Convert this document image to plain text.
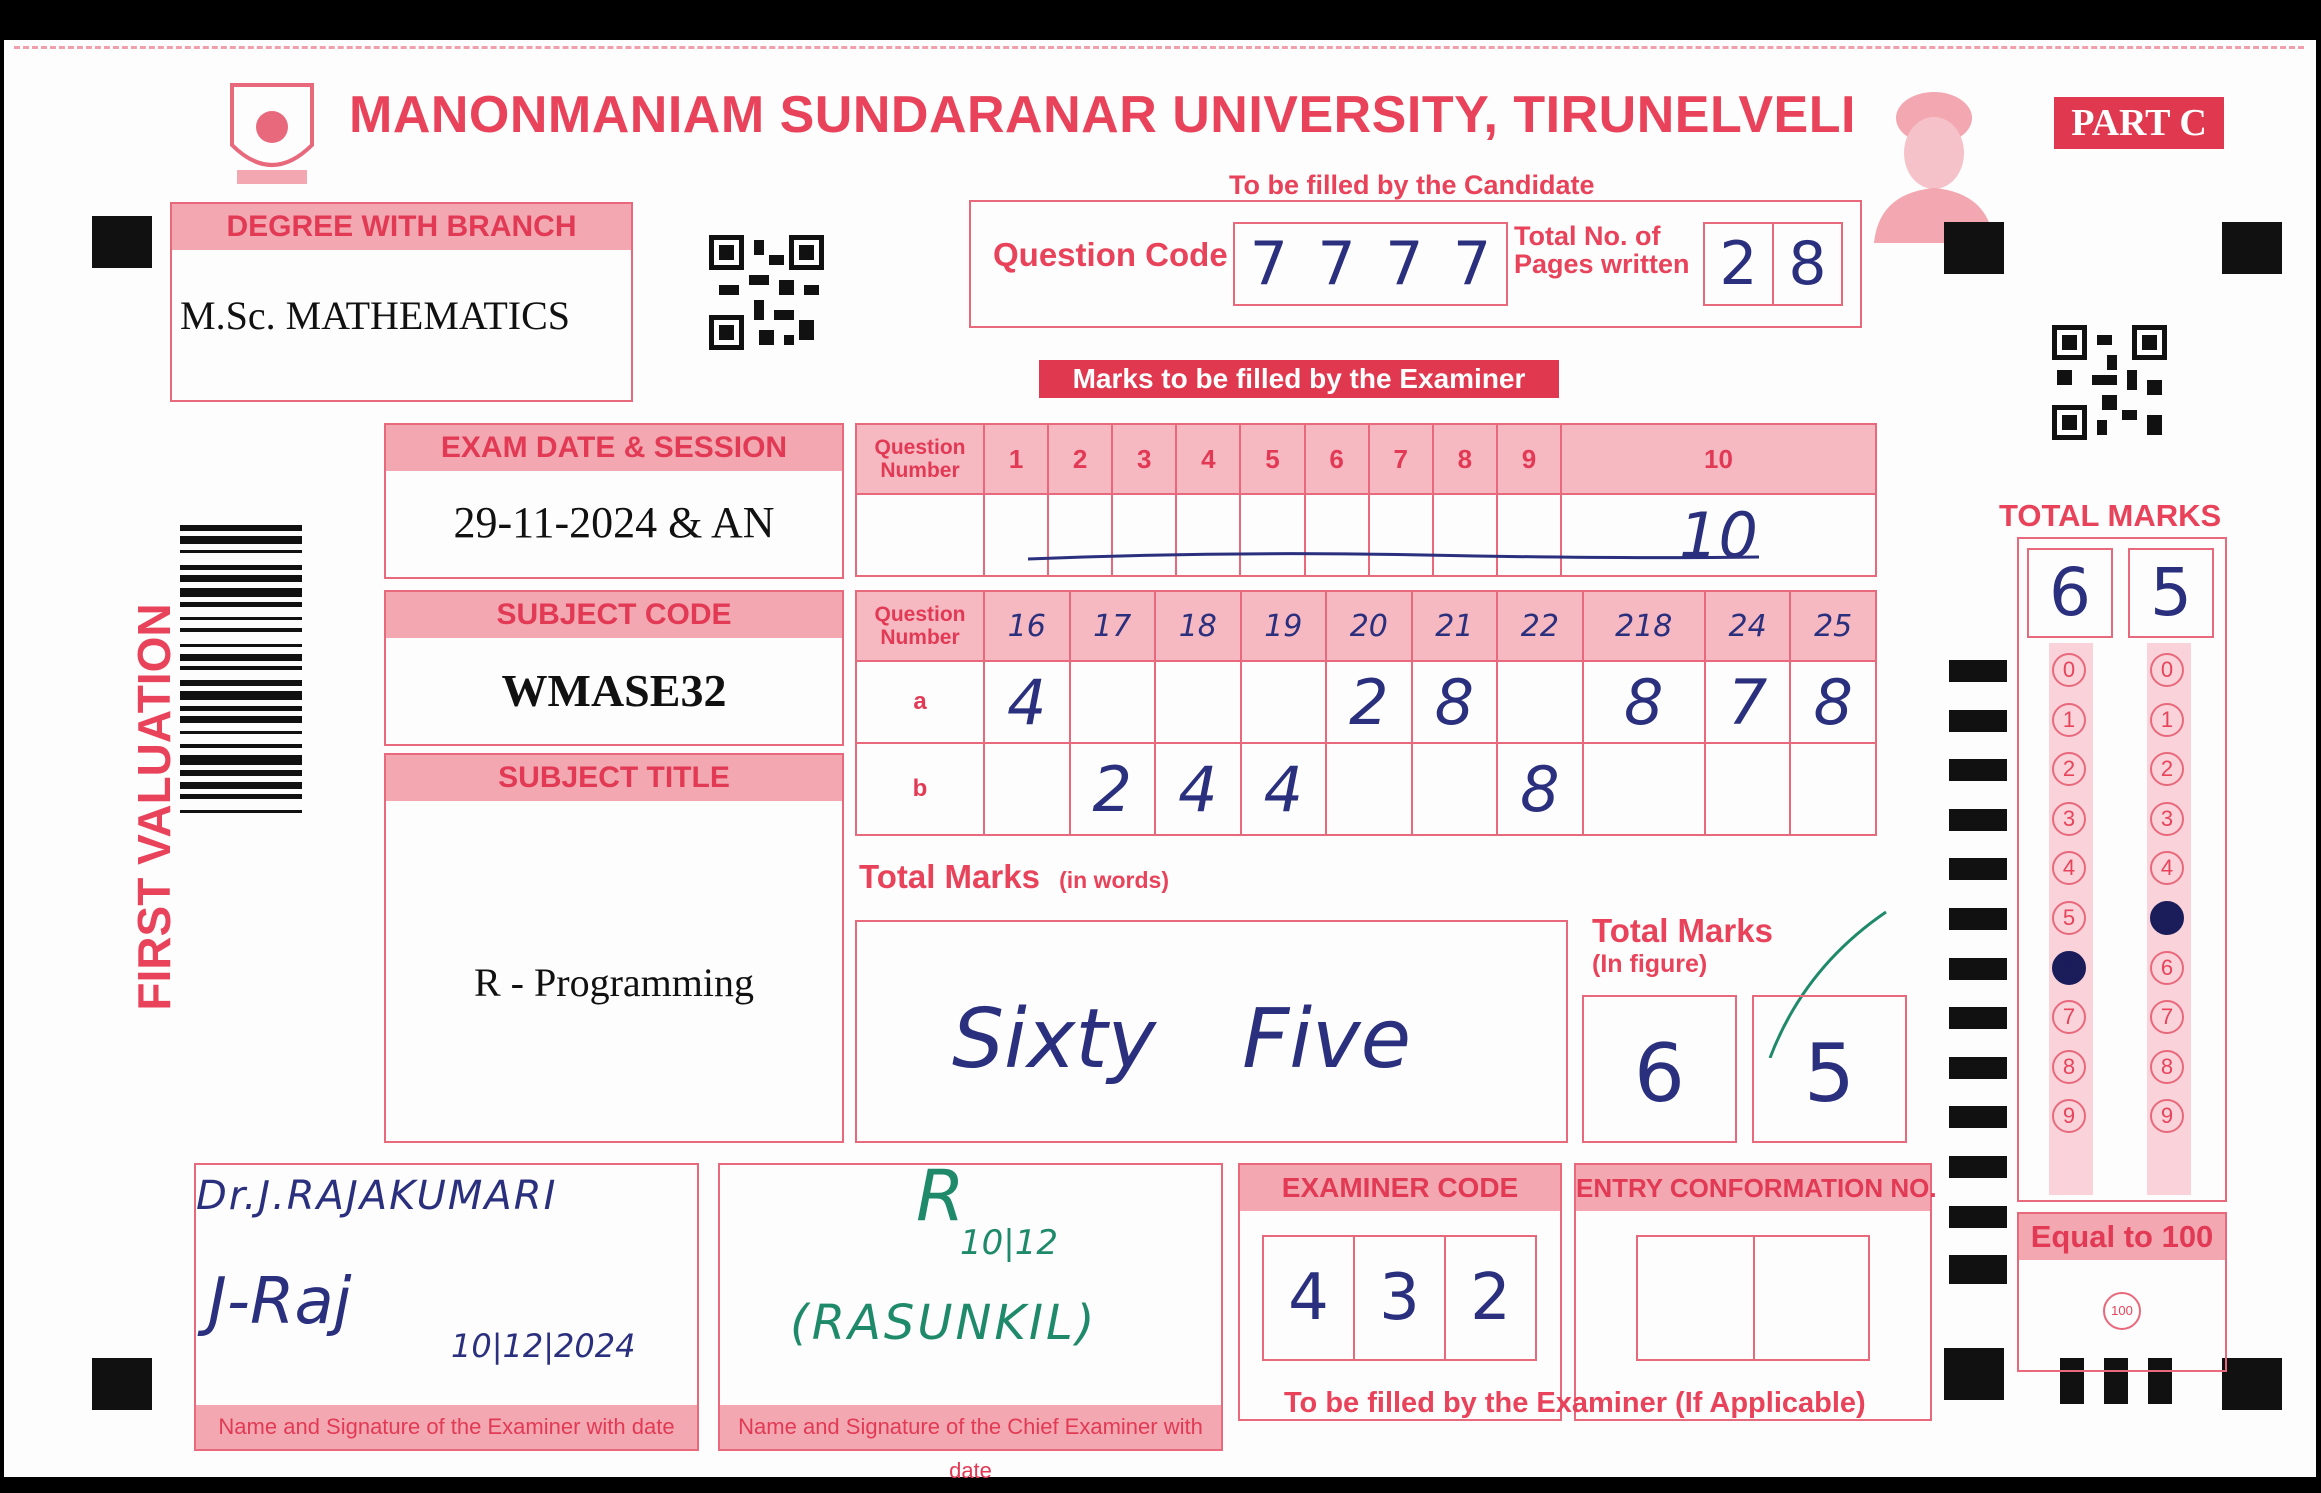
MANONMANIAM SUNDARANAR UNIVERSITY, TIRUNELVELI	PART C
FIRST VALUATION
DEGREE WITH BRANCH
M.Sc. MATHEMATICS
To be filled by the Candidate
Question Code 7 7 7 7 Total No. of
Pages written 2 8
Marks to be filled by the Examiner
EXAM DATE & SESSION
29-11-2024 & AN
SUBJECT CODE
WMASE32
SUBJECT TITLE
R - Programming
Question
Number	1	2	3	4	5	6	7	8	9	10
										10
Question
Number	16	17	18	19	20	21	22	218	24	25
a	4				2	8		8	7	8
b		2	4	4			8			
Total Marks (in words)
Sixty Five
Total Marks
(In figure)
6	5
TOTAL MARKS
6 5
0
1
2
3
4
5
6
7
8
9
0
1
2
3
4
5
6
7
8
9
Equal to 100
100
Dr.J.RAJAKUMARI
J-Raj
10|12|2024
Name and Signature of the Examiner with date
R
10|12
(RASUNKIL)
Name and Signature of the Chief Examiner with date
EXAMINER CODE
4 3 2
ENTRY CONFORMATION NO.
To be filled by the Examiner (If Applicable)
